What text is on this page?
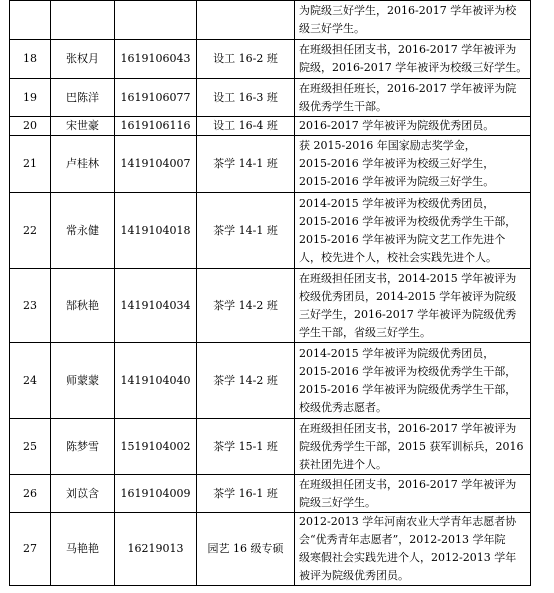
				为院级三好学生，2016-2017 学年被评为校
级三好学生。

18	张权月	1619106043	设工 16-2 班	在班级担任团支书，2016-2017 学年被评为
院级，2016-2017 学年被评为校级三好学生。

19	巴陈洋	1619106077	设工 16-3 班	在班级担任班长，2016-2017 学年被评为院
级优秀学生干部。

20	宋世豪	1619106116	设工 16-4 班	2016-2017 学年被评为院级优秀团员。

21	卢桂林	1419104007	茶学 14-1 班	获 2015-2016 年国家励志奖学金，
2015-2016 学年被评为校级三好学生，
2015-2016 学年被评为院级三好学生。

22	常永健	1419104018	茶学 14-1 班	2014-2015 学年被评为校级优秀团员，
2015-2016 学年被评为校级优秀学生干部，
2015-2016 学年被评为院文艺工作先进个
人，校先进个人，校社会实践先进个人。

23	郜秋艳	1419104034	茶学 14-2 班	在班级担任团支书，2014-2015 学年被评为
校级优秀团员，2014-2015 学年被评为院级
三好学生，2016-2017 学年被评为院级优秀
学生干部，省级三好学生。

24	师蒙蒙	1419104040	茶学 14-2 班	2014-2015 学年被评为院级优秀团员，
2015-2016 学年被评为校级优秀学生干部，
2015-2016 学年被评为院级优秀学生干部，
校级优秀志愿者。

25	陈梦雪	1519104002	茶学 15-1 班	在班级担任团支书，2016-2017 学年被评为
院级优秀学生干部，2015 获军训标兵，2016
获社团先进个人。

26	刘苡含	1619104009	茶学 16-1 班	在班级担任团支书，2016-2017 学年被评为
院级三好学生。

27	马艳艳	16219013	园艺 16 级专硕	2012-2013 学年河南农业大学青年志愿者协
会“优秀青年志愿者”，2012-2013 学年院
级寒假社会实践先进个人，2012-2013 学年
被评为院级优秀团员。
